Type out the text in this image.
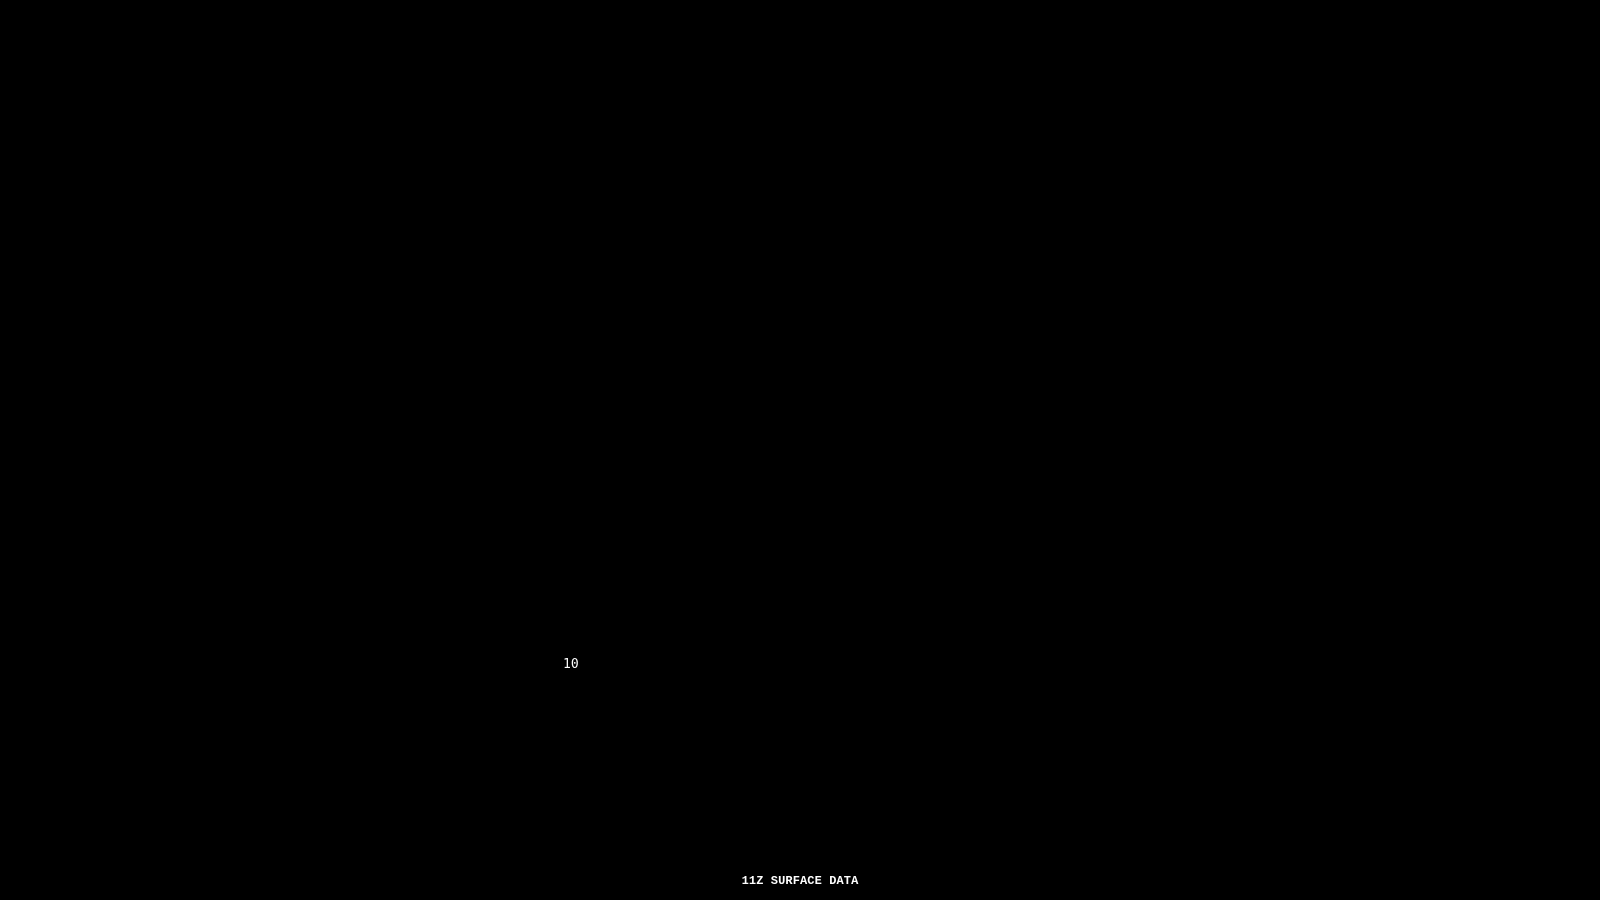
10
11Z SURFACE DATA
